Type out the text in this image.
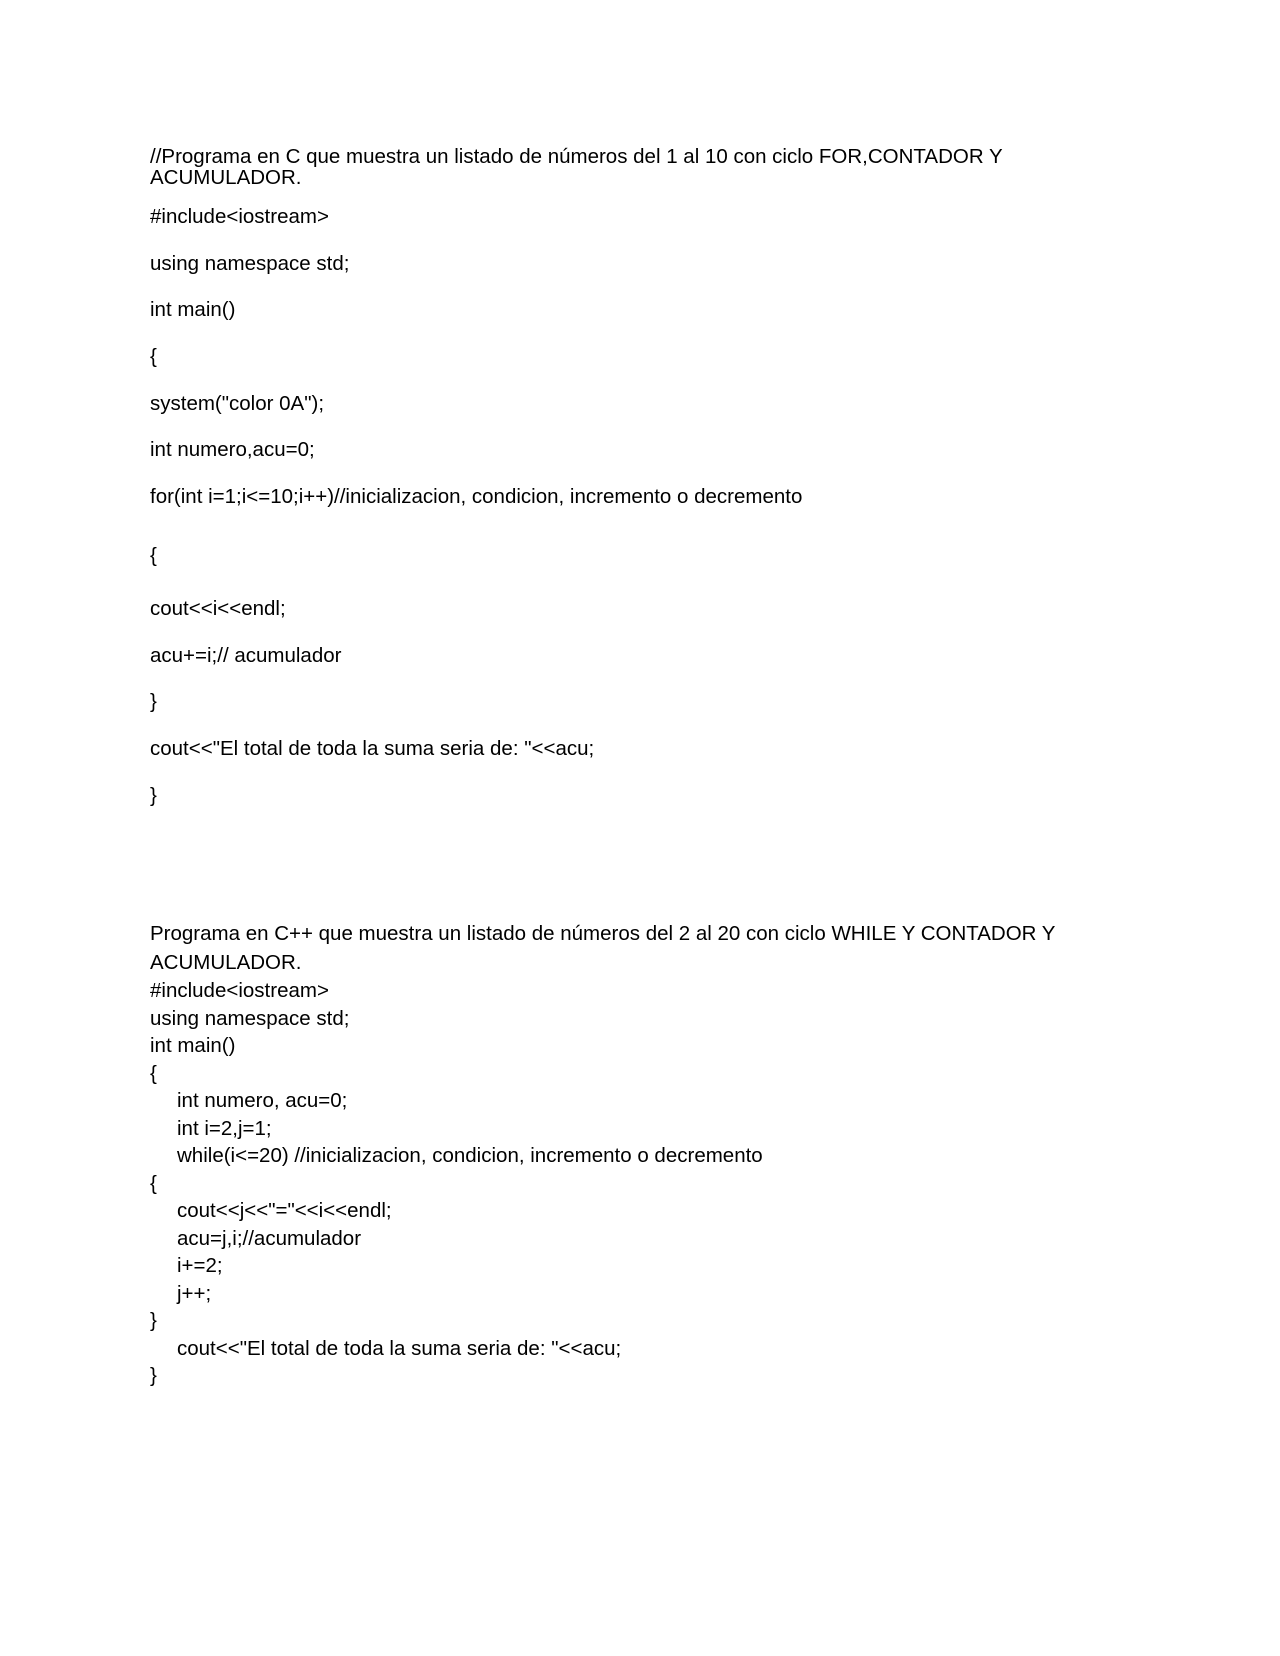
//Programa en C que muestra un listado de números del 1 al 10 con ciclo FOR,CONTADOR Y ACUMULADOR.

#include<iostream>

using namespace std;

int main()

{

system("color 0A");

int numero,acu=0;

for(int i=1;i<=10;i++)//inicializacion, condicion, incremento o decremento

{

cout<<i<<endl;

acu+=i;// acumulador

}

cout<<"El total de toda la suma seria de: "<<acu;

}

Programa en C++ que muestra un listado de números del 2 al 20 con ciclo WHILE Y CONTADOR Y ACUMULADOR.

#include<iostream>

using namespace std;

int main()

{

int numero, acu=0;

int i=2,j=1;

while(i<=20) //inicializacion, condicion, incremento o decremento

{

cout<<j<<"="<<i<<endl;

acu=j,i;//acumulador

i+=2;

j++;

}

cout<<"El total de toda la suma seria de: "<<acu;

}
